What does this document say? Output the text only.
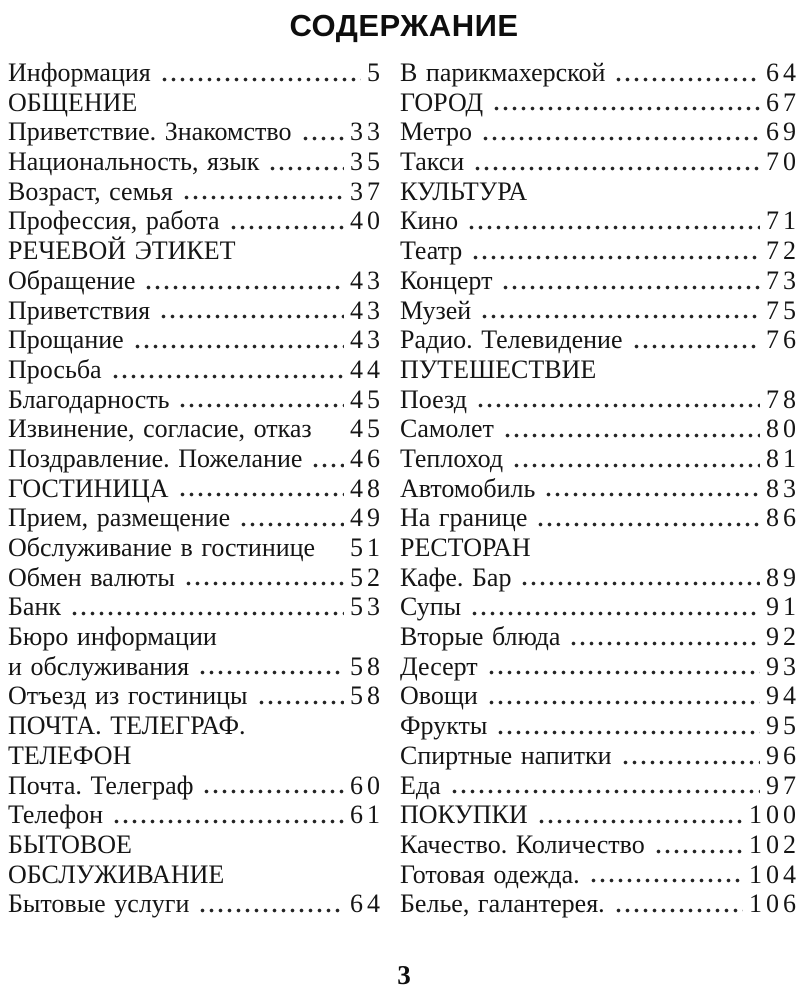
СОДЕРЖАНИЕ
Информация	5
ОБЩЕНИЕ
Приветствие. Знакомство 33
Национальность, язык	35
Возраст, семья	37
Профессия, работа	40
РЕЧЕВОЙ ЭТИКЕТ
Обращение	43
Приветствия	43
Прощание	43
Просьба	44
Благодарность	45
Извинение, согласие, отказ 45
Поздравление. Пожелание 46
ГОСТИНИЦА	48
Прием, размещение	49
Обслуживание в гостинице 51
Обмен валюты	52
Банк	53
Бюро информации
и обслуживания	58
Отъезд из гостиницы	58
ПОЧТА. ТЕЛЕГРАФ.
ТЕЛЕФОН
Почта. Телеграф	60
Телефон	61
БЫТОВОЕ
ОБСЛУЖИВАНИЕ
Бытовые услуги	64
В парикмахерской	64
ГОРОД	67
Метро	69
Такси	70
КУЛЬТУРА
Кино	71
Театр	72
Концерт	73
Музей	75
Радио. Телевидение	76
ПУТЕШЕСТВИЕ
Поезд	78
Самолет	80
Теплоход	81
Автомобиль	83
На границе	86
РЕСТОРАН
Кафе. Бар	89
Супы	91
Вторые блюда	92
Десерт	93
Овощи	94
Фрукты	95
Спиртные напитки	96
Еда	97
ПОКУПКИ	100
Качество. Количество	102
Готовая одежда.	104
Белье, галантерея.	106
3
